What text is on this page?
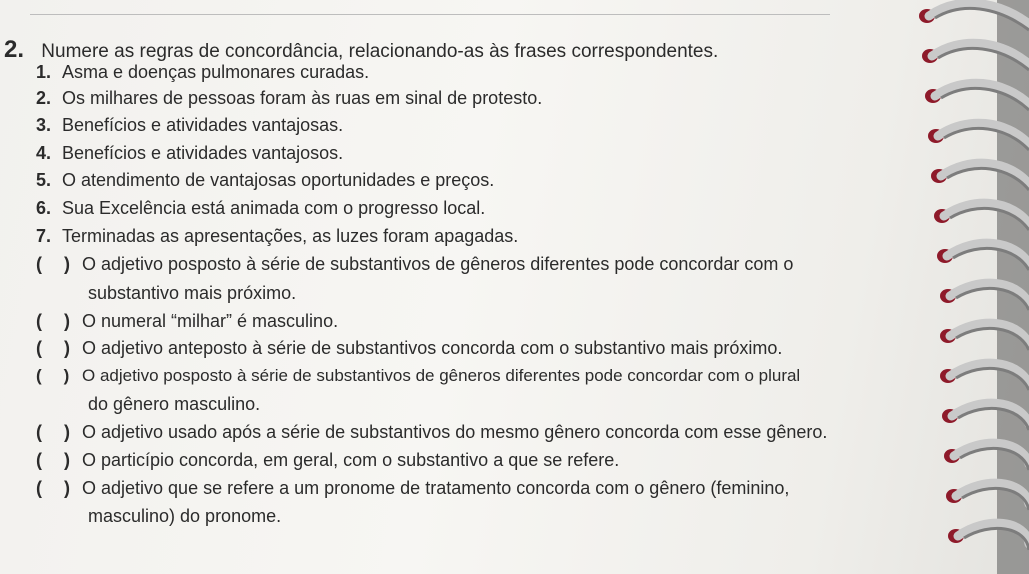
2. Numere as regras de concordância, relacionando-as às frases correspondentes.
1. Asma e doenças pulmonares curadas.
2. Os milhares de pessoas foram às ruas em sinal de protesto.
3. Benefícios e atividades vantajosas.
4. Benefícios e atividades vantajosos.
5. O atendimento de vantajosas oportunidades e preços.
6. Sua Excelência está animada com o progresso local.
7. Terminadas as apresentações, as luzes foram apagadas.
( ) O adjetivo posposto à série de substantivos de gêneros diferentes pode concordar com o
substantivo mais próximo.
( ) O numeral “milhar” é masculino.
( ) O adjetivo anteposto à série de substantivos concorda com o substantivo mais próximo.
( ) O adjetivo posposto à série de substantivos de gêneros diferentes pode concordar com o plural
do gênero masculino.
( ) O adjetivo usado após a série de substantivos do mesmo gênero concorda com esse gênero.
( ) O particípio concorda, em geral, com o substantivo a que se refere.
( ) O adjetivo que se refere a um pronome de tratamento concorda com o gênero (feminino,
masculino) do pronome.
